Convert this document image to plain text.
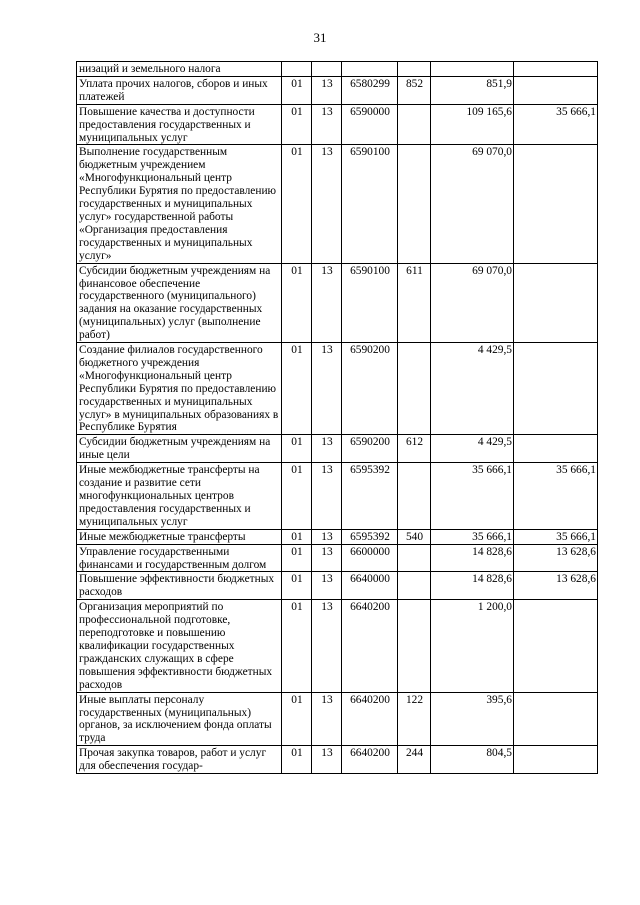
31
низаций и земельного налога						
Уплата прочих налогов, сборов и иных платежей	01	13	6580299	852	851,9	
Повышение качества и доступности предоставления государственных и муниципальных услуг	01	13	6590000		109 165,6	35 666,1
Выполнение государственным бюджетным учреждением «Многофункциональный центр Республики Бурятия по предоставлению государственных и муниципальных услуг» государственной работы «Организация предоставления государственных и муниципальных услуг»	01	13	6590100		69 070,0	
Субсидии бюджетным учреждениям на финансовое обеспечение государственного (муниципального) задания на оказание государственных (муниципальных) услуг (выполнение работ)	01	13	6590100	611	69 070,0	
Создание филиалов государственного бюджетного учреждения «Многофункциональный центр Республики Бурятия по предоставлению государственных и муниципальных услуг» в муниципальных образованиях в Республике Бурятия	01	13	6590200		4 429,5	
Субсидии бюджетным учреждениям на иные цели	01	13	6590200	612	4 429,5	
Иные межбюджетные трансферты на создание и развитие сети многофункциональных центров предоставления государственных и муниципальных услуг	01	13	6595392		35 666,1	35 666,1
Иные межбюджетные трансферты	01	13	6595392	540	35 666,1	35 666,1
Управление государственными финансами и государственным долгом	01	13	6600000		14 828,6	13 628,6
Повышение эффективности бюджетных расходов	01	13	6640000		14 828,6	13 628,6
Организация мероприятий по профессиональной подготовке, переподготовке и повышению квалификации государственных гражданских служащих в сфере повышения эффективности бюджетных расходов	01	13	6640200		1 200,0	
Иные выплаты персоналу государственных (муниципальных) органов, за исключением фонда оплаты труда	01	13	6640200	122	395,6	
Прочая закупка товаров, работ и услуг для обеспечения государ-	01	13	6640200	244	804,5	
